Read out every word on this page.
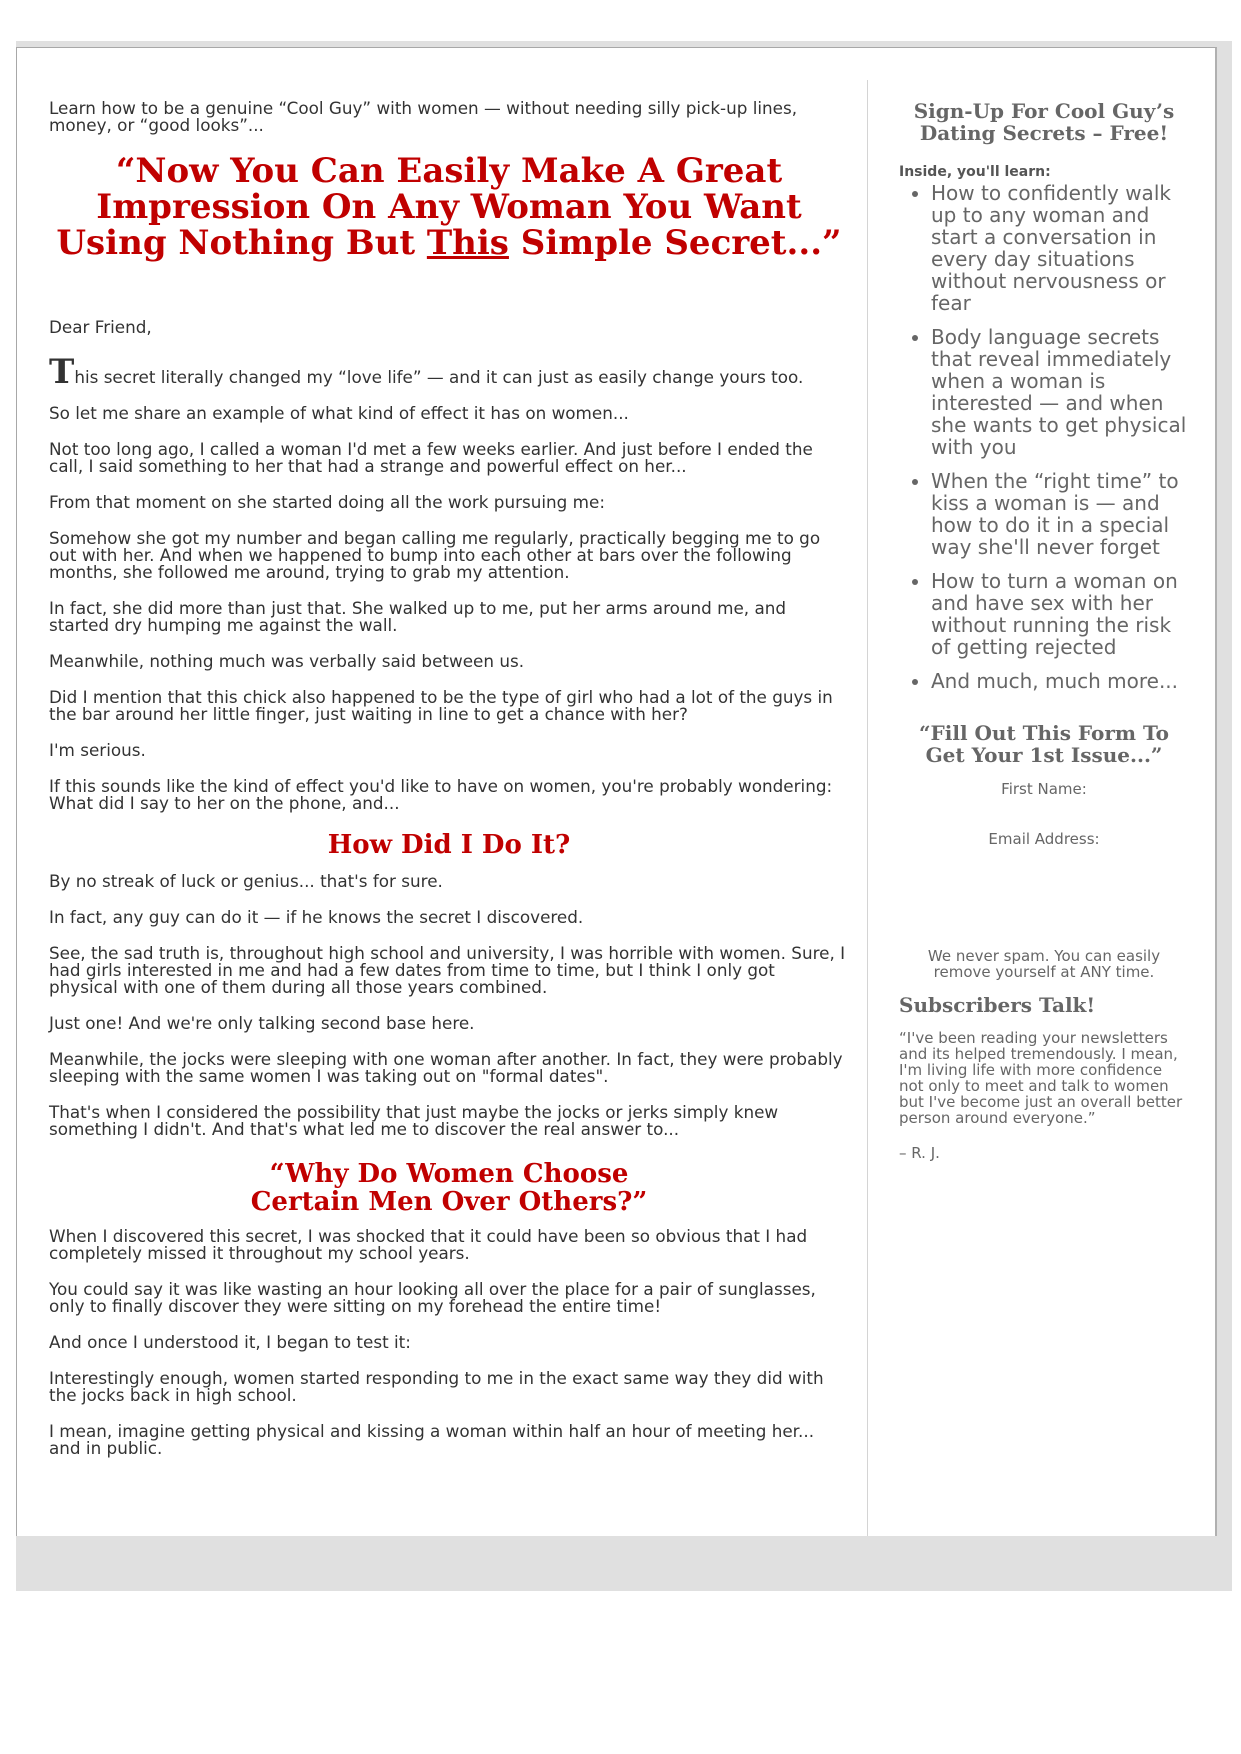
Learn how to be a genuine “Cool Guy” with women — without needing silly pick-up lines, money, or “good looks”...

“Now You Can Easily Make A Great Impression On Any Woman You Want Using Nothing But This Simple Secret...”

Dear Friend,

This secret literally changed my “love life” — and it can just as easily change yours too.

So let me share an example of what kind of effect it has on women...

Not too long ago, I called a woman I'd met a few weeks earlier. And just before I ended the call, I said something to her that had a strange and powerful effect on her...

From that moment on she started doing all the work pursuing me:

Somehow she got my number and began calling me regularly, practically begging me to go out with her. And when we happened to bump into each other at bars over the following months, she followed me around, trying to grab my attention.

In fact, she did more than just that. She walked up to me, put her arms around me, and started dry humping me against the wall.

Meanwhile, nothing much was verbally said between us.

Did I mention that this chick also happened to be the type of girl who had a lot of the guys in the bar around her little finger, just waiting in line to get a chance with her?

I'm serious.

If this sounds like the kind of effect you'd like to have on women, you're probably wondering: What did I say to her on the phone, and...

How Did I Do It?

By no streak of luck or genius... that's for sure.

In fact, any guy can do it — if he knows the secret I discovered.

See, the sad truth is, throughout high school and university, I was horrible with women. Sure, I had girls interested in me and had a few dates from time to time, but I think I only got physical with one of them during all those years combined.

Just one! And we're only talking second base here.

Meanwhile, the jocks were sleeping with one woman after another. In fact, they were probably sleeping with the same women I was taking out on "formal dates".

That's when I considered the possibility that just maybe the jocks or jerks simply knew something I didn't. And that's what led me to discover the real answer to...

“Why Do Women Choose
Certain Men Over Others?”

When I discovered this secret, I was shocked that it could have been so obvious that I had completely missed it throughout my school years.

You could say it was like wasting an hour looking all over the place for a pair of sunglasses, only to finally discover they were sitting on my forehead the entire time!

And once I understood it, I began to test it:

Interestingly enough, women started responding to me in the exact same way they did with the jocks back in high school.

I mean, imagine getting physical and kissing a woman within half an hour of meeting her... and in public.

Sign-Up For Cool Guy’s Dating Secrets – Free!

Inside, you'll learn:

• How to confidently walk up to any woman and start a conversation in every day situations without nervousness or fear
• Body language secrets that reveal immediately when a woman is interested — and when she wants to get physical with you
• When the “right time” to kiss a woman is — and how to do it in a special way she'll never forget
• How to turn a woman on and have sex with her without running the risk of getting rejected
• And much, much more...
“Fill Out This Form To Get Your 1st Issue...”

First Name:

Email Address:

We never spam. You can easily remove yourself at ANY time.

Subscribers Talk!

“I've been reading your newsletters and its helped tremendously. I mean, I'm living life with more confidence not only to meet and talk to women but I've become just an overall better person around everyone.”

– R. J.
